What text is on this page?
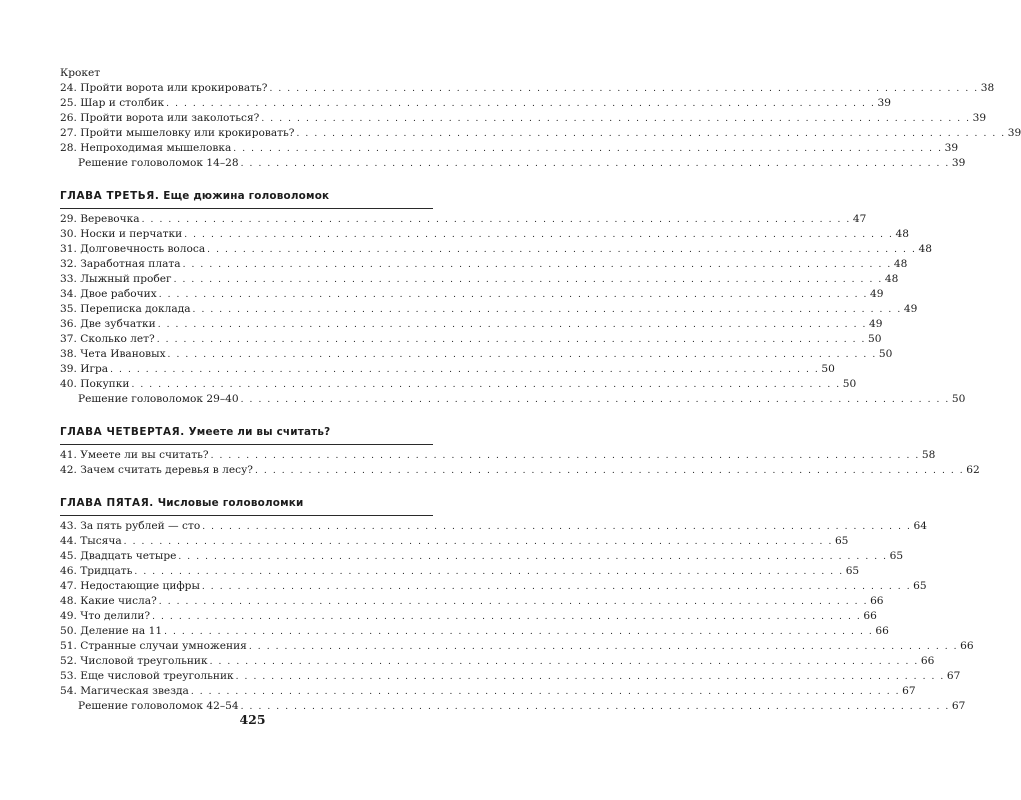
Крокет
24. Пройти ворота или крокировать? . . . . . . . . . . . . . . . . . . . . . . . . . . . . . . . . . . . . . . . . . . . . . . . . . . . . . . . . . . . . . . . . . . . . . . . . . . . . . . . . 38
25. Шар и столбик . . . . . . . . . . . . . . . . . . . . . . . . . . . . . . . . . . . . . . . . . . . . . . . . . . . . . . . . . . . . . . . . . . . . . . . . . . . . . . . . 39
26. Пройти ворота или заколоться? . . . . . . . . . . . . . . . . . . . . . . . . . . . . . . . . . . . . . . . . . . . . . . . . . . . . . . . . . . . . . . . . . . . . . . . . . . . . . . . . 39
27. Пройти мышеловку или крокировать? . . . . . . . . . . . . . . . . . . . . . . . . . . . . . . . . . . . . . . . . . . . . . . . . . . . . . . . . . . . . . . . . . . . . . . . . . . . . . . . . 39
28. Непроходимая мышеловка . . . . . . . . . . . . . . . . . . . . . . . . . . . . . . . . . . . . . . . . . . . . . . . . . . . . . . . . . . . . . . . . . . . . . . . . . . . . . . . . 39
Решение головоломок 14–28 . . . . . . . . . . . . . . . . . . . . . . . . . . . . . . . . . . . . . . . . . . . . . . . . . . . . . . . . . . . . . . . . . . . . . . . . . . . . . . . . 39
ГЛАВА ТРЕТЬЯ. Еще дюжина головоломок
29. Веревочка . . . . . . . . . . . . . . . . . . . . . . . . . . . . . . . . . . . . . . . . . . . . . . . . . . . . . . . . . . . . . . . . . . . . . . . . . . . . . . . . 47
30. Носки и перчатки . . . . . . . . . . . . . . . . . . . . . . . . . . . . . . . . . . . . . . . . . . . . . . . . . . . . . . . . . . . . . . . . . . . . . . . . . . . . . . . . 48
31. Долговечность волоса . . . . . . . . . . . . . . . . . . . . . . . . . . . . . . . . . . . . . . . . . . . . . . . . . . . . . . . . . . . . . . . . . . . . . . . . . . . . . . . . 48
32. Заработная плата . . . . . . . . . . . . . . . . . . . . . . . . . . . . . . . . . . . . . . . . . . . . . . . . . . . . . . . . . . . . . . . . . . . . . . . . . . . . . . . . 48
33. Лыжный пробег . . . . . . . . . . . . . . . . . . . . . . . . . . . . . . . . . . . . . . . . . . . . . . . . . . . . . . . . . . . . . . . . . . . . . . . . . . . . . . . . 48
34. Двое рабочих . . . . . . . . . . . . . . . . . . . . . . . . . . . . . . . . . . . . . . . . . . . . . . . . . . . . . . . . . . . . . . . . . . . . . . . . . . . . . . . . 49
35. Переписка доклада . . . . . . . . . . . . . . . . . . . . . . . . . . . . . . . . . . . . . . . . . . . . . . . . . . . . . . . . . . . . . . . . . . . . . . . . . . . . . . . . 49
36. Две зубчатки . . . . . . . . . . . . . . . . . . . . . . . . . . . . . . . . . . . . . . . . . . . . . . . . . . . . . . . . . . . . . . . . . . . . . . . . . . . . . . . . 49
37. Сколько лет? . . . . . . . . . . . . . . . . . . . . . . . . . . . . . . . . . . . . . . . . . . . . . . . . . . . . . . . . . . . . . . . . . . . . . . . . . . . . . . . . 50
38. Чета Ивановых . . . . . . . . . . . . . . . . . . . . . . . . . . . . . . . . . . . . . . . . . . . . . . . . . . . . . . . . . . . . . . . . . . . . . . . . . . . . . . . . 50
39. Игра . . . . . . . . . . . . . . . . . . . . . . . . . . . . . . . . . . . . . . . . . . . . . . . . . . . . . . . . . . . . . . . . . . . . . . . . . . . . . . . . 50
40. Покупки . . . . . . . . . . . . . . . . . . . . . . . . . . . . . . . . . . . . . . . . . . . . . . . . . . . . . . . . . . . . . . . . . . . . . . . . . . . . . . . . 50
Решение головоломок 29–40 . . . . . . . . . . . . . . . . . . . . . . . . . . . . . . . . . . . . . . . . . . . . . . . . . . . . . . . . . . . . . . . . . . . . . . . . . . . . . . . . 50
ГЛАВА ЧЕТВЕРТАЯ. Умеете ли вы считать?
41. Умеете ли вы считать? . . . . . . . . . . . . . . . . . . . . . . . . . . . . . . . . . . . . . . . . . . . . . . . . . . . . . . . . . . . . . . . . . . . . . . . . . . . . . . . . 58
42. Зачем считать деревья в лесу? . . . . . . . . . . . . . . . . . . . . . . . . . . . . . . . . . . . . . . . . . . . . . . . . . . . . . . . . . . . . . . . . . . . . . . . . . . . . . . . . 62
ГЛАВА ПЯТАЯ. Числовые головоломки
43. За пять рублей — сто . . . . . . . . . . . . . . . . . . . . . . . . . . . . . . . . . . . . . . . . . . . . . . . . . . . . . . . . . . . . . . . . . . . . . . . . . . . . . . . . 64
44. Тысяча . . . . . . . . . . . . . . . . . . . . . . . . . . . . . . . . . . . . . . . . . . . . . . . . . . . . . . . . . . . . . . . . . . . . . . . . . . . . . . . . 65
45. Двадцать четыре . . . . . . . . . . . . . . . . . . . . . . . . . . . . . . . . . . . . . . . . . . . . . . . . . . . . . . . . . . . . . . . . . . . . . . . . . . . . . . . . 65
46. Тридцать . . . . . . . . . . . . . . . . . . . . . . . . . . . . . . . . . . . . . . . . . . . . . . . . . . . . . . . . . . . . . . . . . . . . . . . . . . . . . . . . 65
47. Недостающие цифры . . . . . . . . . . . . . . . . . . . . . . . . . . . . . . . . . . . . . . . . . . . . . . . . . . . . . . . . . . . . . . . . . . . . . . . . . . . . . . . . 65
48. Какие числа? . . . . . . . . . . . . . . . . . . . . . . . . . . . . . . . . . . . . . . . . . . . . . . . . . . . . . . . . . . . . . . . . . . . . . . . . . . . . . . . . 66
49. Что делили? . . . . . . . . . . . . . . . . . . . . . . . . . . . . . . . . . . . . . . . . . . . . . . . . . . . . . . . . . . . . . . . . . . . . . . . . . . . . . . . . 66
50. Деление на 11 . . . . . . . . . . . . . . . . . . . . . . . . . . . . . . . . . . . . . . . . . . . . . . . . . . . . . . . . . . . . . . . . . . . . . . . . . . . . . . . . 66
51. Странные случаи умножения . . . . . . . . . . . . . . . . . . . . . . . . . . . . . . . . . . . . . . . . . . . . . . . . . . . . . . . . . . . . . . . . . . . . . . . . . . . . . . . . 66
52. Числовой треугольник . . . . . . . . . . . . . . . . . . . . . . . . . . . . . . . . . . . . . . . . . . . . . . . . . . . . . . . . . . . . . . . . . . . . . . . . . . . . . . . . 66
53. Еще числовой треугольник . . . . . . . . . . . . . . . . . . . . . . . . . . . . . . . . . . . . . . . . . . . . . . . . . . . . . . . . . . . . . . . . . . . . . . . . . . . . . . . . 67
54. Магическая звезда . . . . . . . . . . . . . . . . . . . . . . . . . . . . . . . . . . . . . . . . . . . . . . . . . . . . . . . . . . . . . . . . . . . . . . . . . . . . . . . . 67
Решение головоломок 42–54 . . . . . . . . . . . . . . . . . . . . . . . . . . . . . . . . . . . . . . . . . . . . . . . . . . . . . . . . . . . . . . . . . . . . . . . . . . . . . . . . 67
425
